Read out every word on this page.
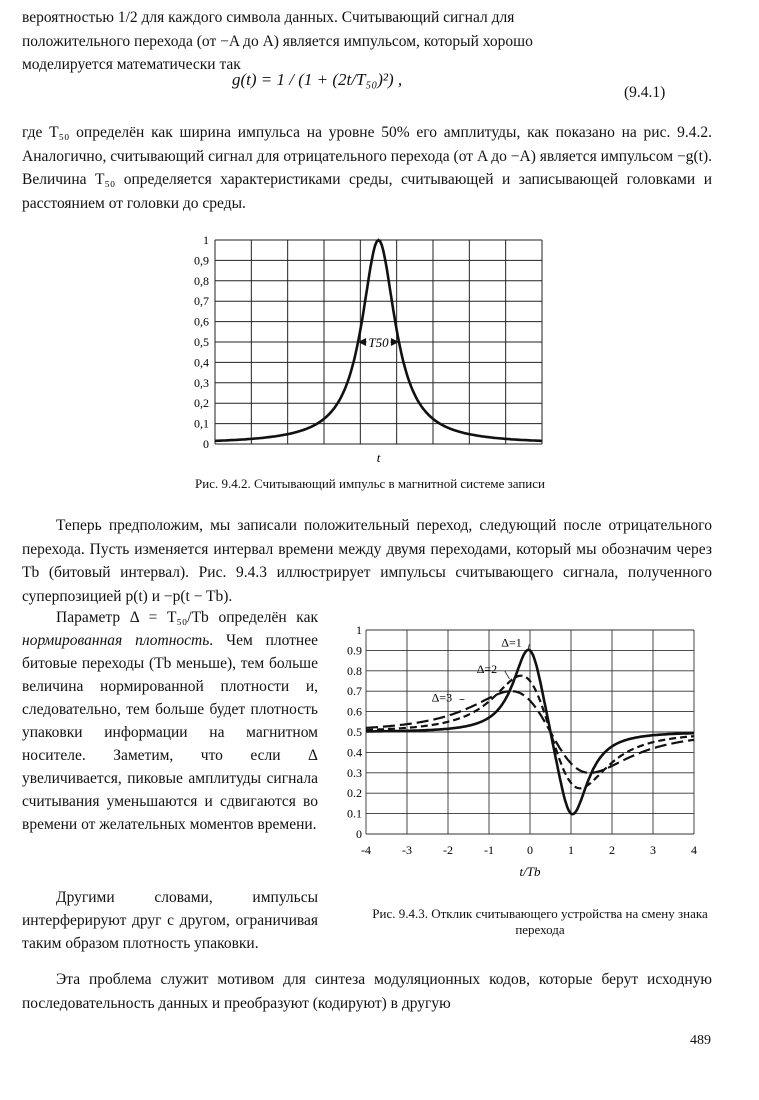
вероятностью 1/2 для каждого символа данных. Считывающий сигнал для

положительного перехода (от −A до A) является импульсом, который хорошо

моделируется математически так

g(t) = 1 / (1 + (2t/T₅₀)²) ,
(9.4.1)

где T₅₀ определён как ширина импульса на уровне 50% его амплитуды, как показано на рис. 9.4.2. Аналогично, считывающий сигнал для отрицательного перехода (от A до −A) является импульсом −g(t). Величина T₅₀ определяется характеристиками среды, считывающей и записывающей головками и расстоянием от головки до среды.

0
0,1
0,2
0,3
0,4
0,5
0,6
0,7
0,8
0,9
1
T50
t
Рис. 9.4.2. Считывающий импульс в магнитной системе записи

Теперь предположим, мы записали положительный переход, следующий после отрицательного перехода. Пусть изменяется интервал времени между двумя переходами, который мы обозначим через Tb (битовый интервал). Рис. 9.4.3 иллюстрирует импульсы считывающего сигнала, полученного суперпозицией p(t) и −p(t − Tb).

Параметр Δ = T₅₀/Tb определён как нормированная плотность. Чем плотнее битовые переходы (Tb меньше), тем больше величина нормированной плотности и, следовательно, тем больше будет плотность упаковки информации на магнитном носителе. Заметим, что если Δ увеличивается, пиковые амплитуды сигнала считывания уменьшаются и сдвигаются во времени от желательных моментов времени.

Другими словами, импульсы интерферируют друг с другом, ограничивая таким образом плотность упаковки.

0
0.1
0.2
0.3
0.4
0.5
0.6
0.7
0.8
0.9
1
-4	-3	-2	-1	0	1	2	3	4
t/Tb
Δ=1
Δ=2
Δ=3
Рис. 9.4.3. Отклик считывающего устройства на смену знака перехода

Эта проблема служит мотивом для синтеза модуляционных кодов, которые берут исходную последовательность данных и преобразуют (кодируют) в другую

489
